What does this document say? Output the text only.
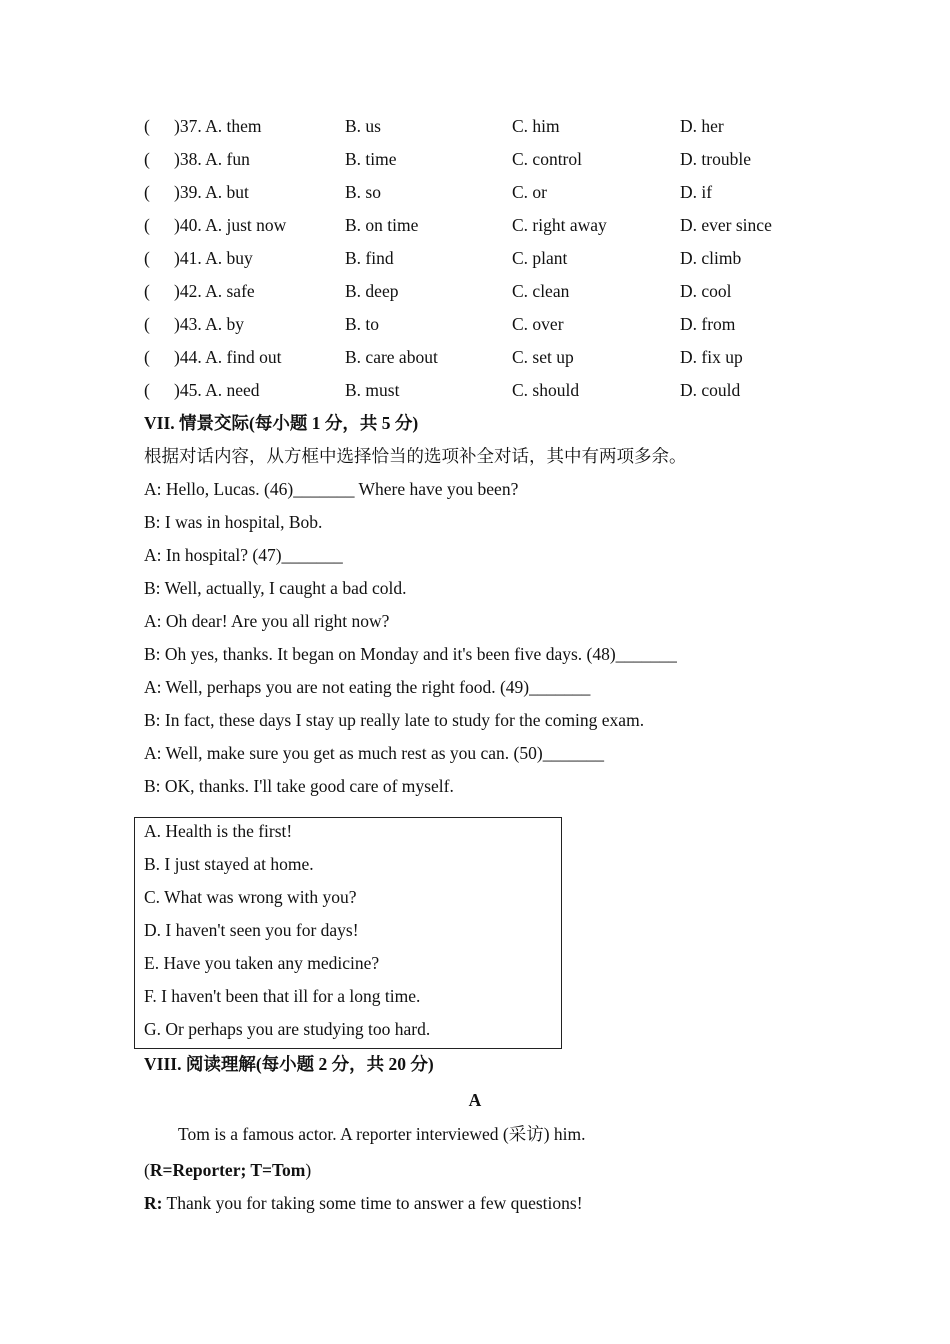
( )37. A. them	B. us	C. him	D. her
( )38. A. fun	B. time	C. control	D. trouble
( )39. A. but	B. so	C. or	D. if
( )40. A. just now	B. on time	C. right away	D. ever since
( )41. A. buy	B. find	C. plant	D. climb
( )42. A. safe	B. deep	C. clean	D. cool
( )43. A. by	B. to	C. over	D. from
( )44. A. find out	B. care about	C. set up	D. fix up
( )45. A. need	B. must	C. should	D. could
VII. 情景交际(每小题 1 分，共 5 分)
根据对话内容，从方框中选择恰当的选项补全对话，其中有两项多余。
A: Hello, Lucas. (46)_______ Where have you been?
B: I was in hospital, Bob.
A: In hospital? (47)_______
B: Well, actually, I caught a bad cold.
A: Oh dear! Are you all right now?
B: Oh yes, thanks. It began on Monday and it's been five days. (48)_______
A: Well, perhaps you are not eating the right food. (49)_______
B: In fact, these days I stay up really late to study for the coming exam.
A: Well, make sure you get as much rest as you can. (50)_______
B: OK, thanks. I'll take good care of myself.
A. Health is the first!
B. I just stayed at home.
C. What was wrong with you?
D. I haven't seen you for days!
E. Have you taken any medicine?
F. I haven't been that ill for a long time.
G. Or perhaps you are studying too hard.
VIII. 阅读理解(每小题 2 分，共 20 分)
A
Tom is a famous actor. A reporter interviewed (采访) him.
(R=Reporter; T=Tom)
R: Thank you for taking some time to answer a few questions!
